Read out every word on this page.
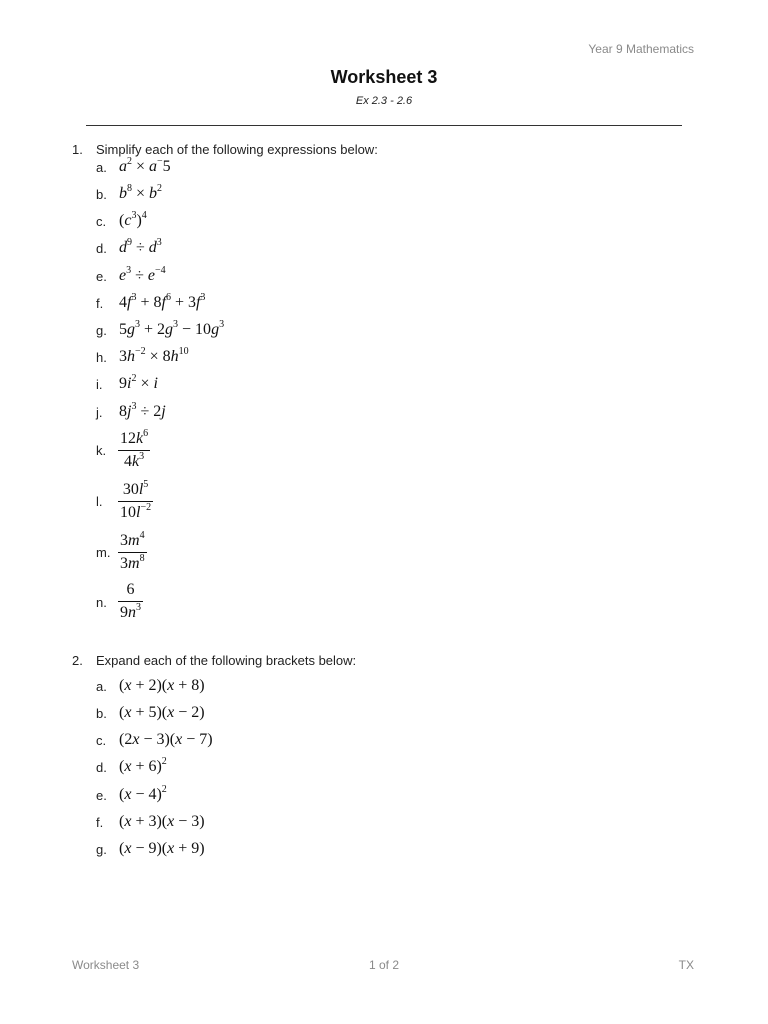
Year 9 Mathematics
Worksheet 3
Ex 2.3 - 2.6
1. Simplify each of the following expressions below:
a. $a^2 \times a^-5$
b. $b^8 \times b^2$
c. $(c^3)^4$
d. $d^9 \div d^3$
e. $e^3 \div e^{-4}$
f. $4f^3 + 8f^6 + 3f^3$
g. $5g^3 + 2g^3 - 10g^3$
h. $3h^{-2} \times 8h^{10}$
i. $9i^2 \times i$
j. $8j^3 \div 2j$
k.
$12k^6$
$4k^3$
l.
$30l^5$
$10l^{-2}$
m.
$3m^4$
$3m^8$
n.
6
$9n^3$
2. Expand each of the following brackets below:
a. (x + 2)(x + 8)
b. (x + 5)(x − 2)
c. (2x − 3)(x − 7)
d. $(x + 6)^2$
e. $(x - 4)^2$
f. (x + 3)(x − 3)
g. (x − 9)(x + 9)
Worksheet 3	1 of 2	TX
